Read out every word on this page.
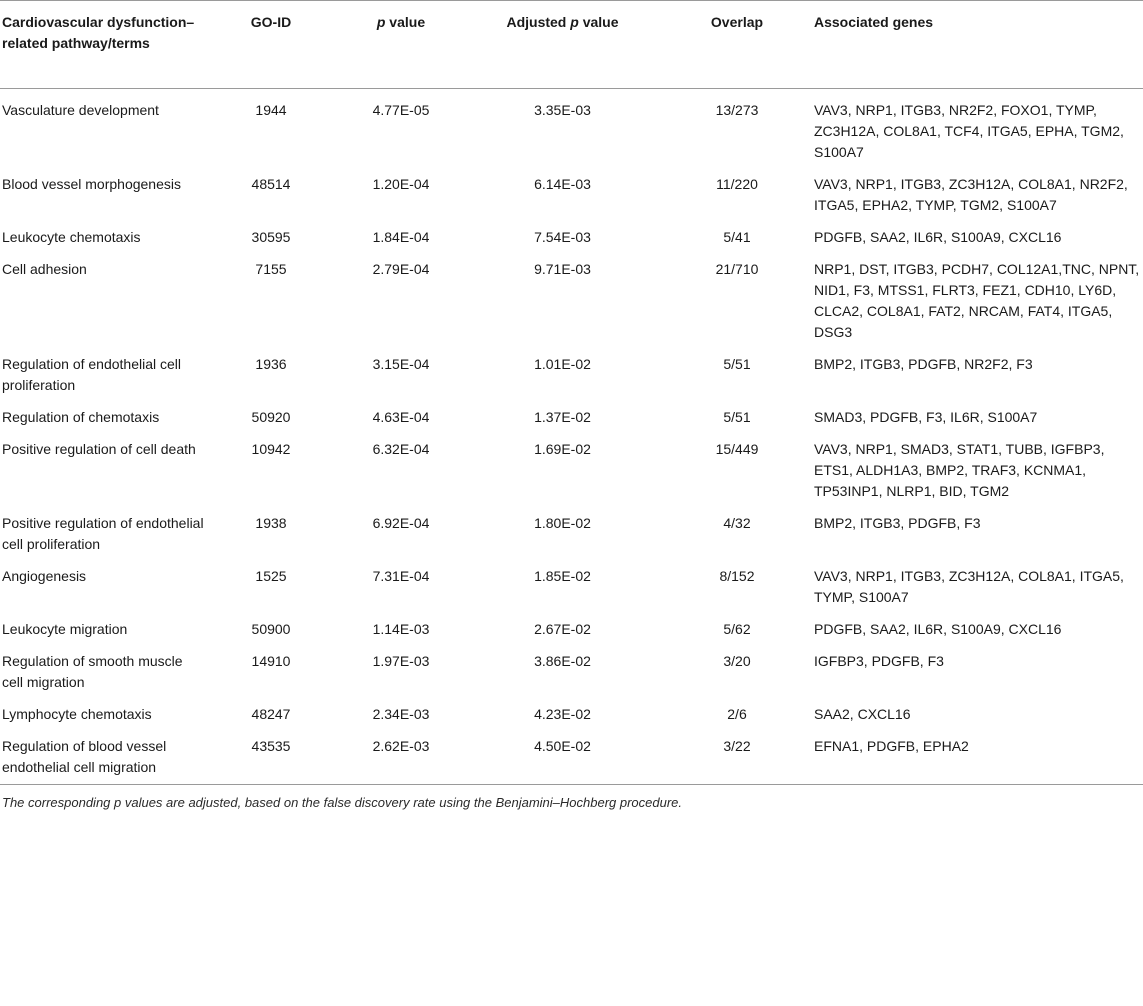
Cardiovascular dysfunction–related pathway/terms	GO-ID	p value	Adjusted p value	Overlap	Associated genes
Vasculature development	1944	4.77E-05	3.35E-03	13/273	VAV3, NRP1, ITGB3, NR2F2, FOXO1, TYMP, ZC3H12A, COL8A1, TCF4, ITGA5, EPHA, TGM2, S100A7
Blood vessel morphogenesis	48514	1.20E-04	6.14E-03	11/220	VAV3, NRP1, ITGB3, ZC3H12A, COL8A1, NR2F2, ITGA5, EPHA2, TYMP, TGM2, S100A7
Leukocyte chemotaxis	30595	1.84E-04	7.54E-03	5/41	PDGFB, SAA2, IL6R, S100A9, CXCL16
Cell adhesion	7155	2.79E-04	9.71E-03	21/710	NRP1, DST, ITGB3, PCDH7, COL12A1,TNC, NPNT, NID1, F3, MTSS1, FLRT3, FEZ1, CDH10, LY6D, CLCA2, COL8A1, FAT2, NRCAM, FAT4, ITGA5, DSG3
Regulation of endothelial cell proliferation	1936	3.15E-04	1.01E-02	5/51	BMP2, ITGB3, PDGFB, NR2F2, F3
Regulation of chemotaxis	50920	4.63E-04	1.37E-02	5/51	SMAD3, PDGFB, F3, IL6R, S100A7
Positive regulation of cell death	10942	6.32E-04	1.69E-02	15/449	VAV3, NRP1, SMAD3, STAT1, TUBB, IGFBP3, ETS1, ALDH1A3, BMP2, TRAF3, KCNMA1, TP53INP1, NLRP1, BID, TGM2
Positive regulation of endothelial cell proliferation	1938	6.92E-04	1.80E-02	4/32	BMP2, ITGB3, PDGFB, F3
Angiogenesis	1525	7.31E-04	1.85E-02	8/152	VAV3, NRP1, ITGB3, ZC3H12A, COL8A1, ITGA5, TYMP, S100A7
Leukocyte migration	50900	1.14E-03	2.67E-02	5/62	PDGFB, SAA2, IL6R, S100A9, CXCL16
Regulation of smooth muscle cell migration	14910	1.97E-03	3.86E-02	3/20	IGFBP3, PDGFB, F3
Lymphocyte chemotaxis	48247	2.34E-03	4.23E-02	2/6	SAA2, CXCL16
Regulation of blood vessel endothelial cell migration	43535	2.62E-03	4.50E-02	3/22	EFNA1, PDGFB, EPHA2
The corresponding p values are adjusted, based on the false discovery rate using the Benjamini–Hochberg procedure.
